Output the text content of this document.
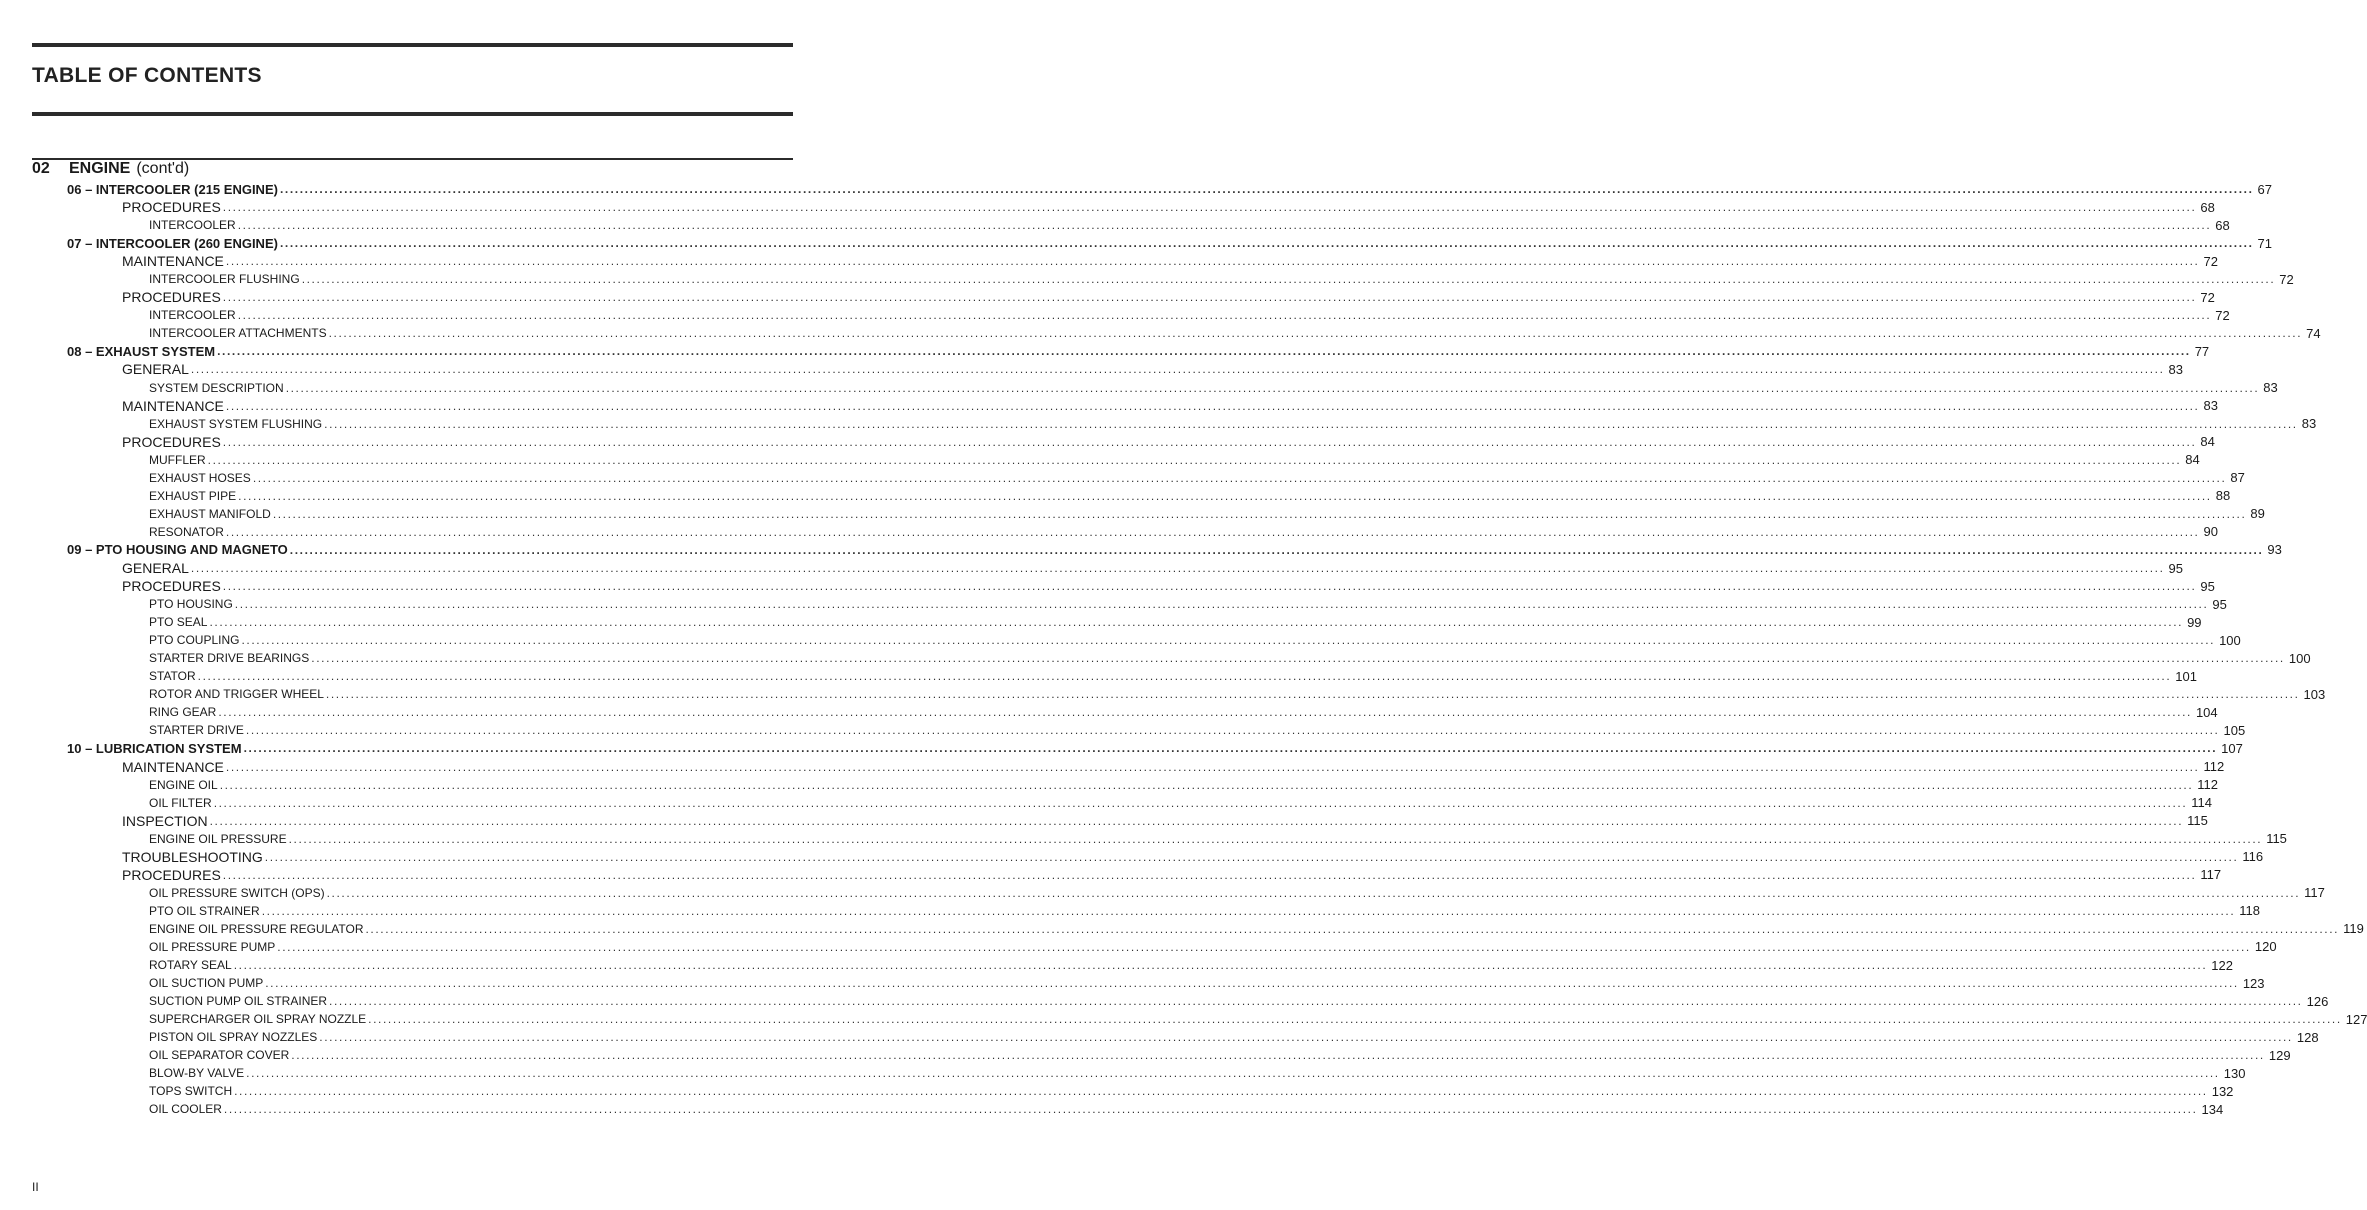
TABLE OF CONTENTS
02	ENGINE (cont'd)
06 – INTERCOOLER (215 ENGINE) ................................................................................................................................................................................................................................................................................................................................................................................................................ 67
PROCEDURES ................................................................................................................................................................................................................................................................................................................................................................................................................ 68
INTERCOOLER ................................................................................................................................................................................................................................................................................................................................................................................................................ 68
07 – INTERCOOLER (260 ENGINE) ................................................................................................................................................................................................................................................................................................................................................................................................................ 71
MAINTENANCE ................................................................................................................................................................................................................................................................................................................................................................................................................ 72
INTERCOOLER FLUSHING ................................................................................................................................................................................................................................................................................................................................................................................................................ 72
PROCEDURES ................................................................................................................................................................................................................................................................................................................................................................................................................ 72
INTERCOOLER ................................................................................................................................................................................................................................................................................................................................................................................................................ 72
INTERCOOLER ATTACHMENTS ................................................................................................................................................................................................................................................................................................................................................................................................................ 74
08 – EXHAUST SYSTEM ................................................................................................................................................................................................................................................................................................................................................................................................................ 77
GENERAL ................................................................................................................................................................................................................................................................................................................................................................................................................ 83
SYSTEM DESCRIPTION ................................................................................................................................................................................................................................................................................................................................................................................................................ 83
MAINTENANCE ................................................................................................................................................................................................................................................................................................................................................................................................................ 83
EXHAUST SYSTEM FLUSHING ................................................................................................................................................................................................................................................................................................................................................................................................................ 83
PROCEDURES ................................................................................................................................................................................................................................................................................................................................................................................................................ 84
MUFFLER ................................................................................................................................................................................................................................................................................................................................................................................................................ 84
EXHAUST HOSES ................................................................................................................................................................................................................................................................................................................................................................................................................ 87
EXHAUST PIPE ................................................................................................................................................................................................................................................................................................................................................................................................................ 88
EXHAUST MANIFOLD ................................................................................................................................................................................................................................................................................................................................................................................................................ 89
RESONATOR ................................................................................................................................................................................................................................................................................................................................................................................................................ 90
09 – PTO HOUSING AND MAGNETO ................................................................................................................................................................................................................................................................................................................................................................................................................ 93
GENERAL ................................................................................................................................................................................................................................................................................................................................................................................................................ 95
PROCEDURES ................................................................................................................................................................................................................................................................................................................................................................................................................ 95
PTO HOUSING ................................................................................................................................................................................................................................................................................................................................................................................................................ 95
PTO SEAL ................................................................................................................................................................................................................................................................................................................................................................................................................ 99
PTO COUPLING ................................................................................................................................................................................................................................................................................................................................................................................................................ 100
STARTER DRIVE BEARINGS ................................................................................................................................................................................................................................................................................................................................................................................................................ 100
STATOR ................................................................................................................................................................................................................................................................................................................................................................................................................ 101
ROTOR AND TRIGGER WHEEL ................................................................................................................................................................................................................................................................................................................................................................................................................ 103
RING GEAR ................................................................................................................................................................................................................................................................................................................................................................................................................ 104
STARTER DRIVE ................................................................................................................................................................................................................................................................................................................................................................................................................ 105
10 – LUBRICATION SYSTEM ................................................................................................................................................................................................................................................................................................................................................................................................................ 107
MAINTENANCE ................................................................................................................................................................................................................................................................................................................................................................................................................ 112
ENGINE OIL ................................................................................................................................................................................................................................................................................................................................................................................................................ 112
OIL FILTER ................................................................................................................................................................................................................................................................................................................................................................................................................ 114
INSPECTION ................................................................................................................................................................................................................................................................................................................................................................................................................ 115
ENGINE OIL PRESSURE ................................................................................................................................................................................................................................................................................................................................................................................................................ 115
TROUBLESHOOTING ................................................................................................................................................................................................................................................................................................................................................................................................................ 116
PROCEDURES ................................................................................................................................................................................................................................................................................................................................................................................................................ 117
OIL PRESSURE SWITCH (OPS) ................................................................................................................................................................................................................................................................................................................................................................................................................ 117
PTO OIL STRAINER ................................................................................................................................................................................................................................................................................................................................................................................................................ 118
ENGINE OIL PRESSURE REGULATOR ................................................................................................................................................................................................................................................................................................................................................................................................................ 119
OIL PRESSURE PUMP ................................................................................................................................................................................................................................................................................................................................................................................................................ 120
ROTARY SEAL ................................................................................................................................................................................................................................................................................................................................................................................................................ 122
OIL SUCTION PUMP ................................................................................................................................................................................................................................................................................................................................................................................................................ 123
SUCTION PUMP OIL STRAINER ................................................................................................................................................................................................................................................................................................................................................................................................................ 126
SUPERCHARGER OIL SPRAY NOZZLE ................................................................................................................................................................................................................................................................................................................................................................................................................ 127
PISTON OIL SPRAY NOZZLES ................................................................................................................................................................................................................................................................................................................................................................................................................ 128
OIL SEPARATOR COVER ................................................................................................................................................................................................................................................................................................................................................................................................................ 129
BLOW-BY VALVE ................................................................................................................................................................................................................................................................................................................................................................................................................ 130
TOPS SWITCH ................................................................................................................................................................................................................................................................................................................................................................................................................ 132
OIL COOLER ................................................................................................................................................................................................................................................................................................................................................................................................................ 134
II
